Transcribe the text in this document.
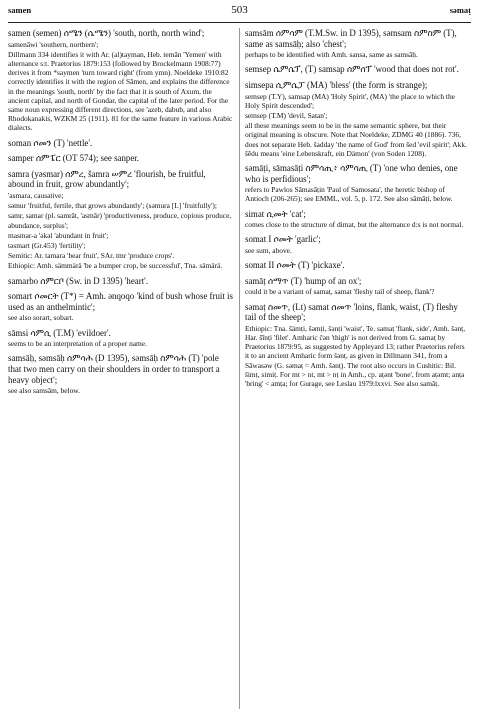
samen	503	səmaṭ
samen (semen) ሰሜን (ሴሜን) 'south, north, north wind';
samenāwi 'southern, northern';
Dillmann 334 identifies it with Ar. (al)tayman, Heb. temān 'Yemen' with alternance s:t. Praetorius 1879:153 (followed by Brockelmann 1908:77) derives it from *saymen 'turn toward right' (from ymn). Noeldeke 1910:82 correctly identifies it with the region of Sāmen, and explains the difference in the meanings 'south, north' by the fact that it is south of Axum, the ancient capital, and north of Gondar, the capital of the later period. For the same noun expressing different directions, see 'azeb, dabub, and also Rhodokanakis, WZKM 25 (1911). 81 for the same feature in various Arabic dialects.
soman ሶመን (T) 'nettle'.
samper ሰምፔር (OT 574); see sanper.
samra (yəsmar) ሰምረ, šamra ሠምረ 'flourish, be fruitful, abound in fruit, grow abundantly';
'asmara, causative;
səmur 'fruitful, fertile, that grows abundantly'; (səmura [L] 'fruitfully');
samr, samar (pl. samrāt, 'asmār) 'productiveness, produce, copious produce, abundance, surplus';
masmar-a 'əkəl 'abundant in fruit';
təsmart (Gr.453) 'fertility';
Semitic: Ar. tamara 'bear fruit', SAr. tmr 'produce crops'.
Ethiopic: Amh. sämmärä 'be a bumper crop, be successful', Tna. sämärä.
samarbo ሰምርቦ (Sw. in D 1395) 'heart'.
somart ሶመርት (T*) = Amh. ənqoqo 'kind of bush whose fruit is used as an anthelmintic';
see also sorart, sobart.
sāmsi ሳምሲ (T.M) 'evildoer'.
seems to be an interpretation of a proper name.
samsāḥ, səmsāḥ ሰምሳሕ (D 1395), səmsāḥ ስምሳሕ (T) 'pole that two men carry on their shoulders in order to transport a heavy object';
see also samsām, below.
samsām ሰምሳም (T.M.Sw. in D 1395), səmsam ስምስም (T), same as samsāḥ; also 'chest';
perhaps to be identified with Amh. sansa, same as samsāḥ.
semsep ሴምሴፕ, (T) samsap ሰምሰፕ 'wood that does not rot'.
simsepa ሲምሴፓ (MA) 'bless' (the form is strange);
semsep (T.Y), samsap (MA) 'Holy Spirit', (MA) 'the place to which the Holy Spirit descended';
semsep (T.M) 'devil, Satan';
all these meanings seem to be in the same semantic sphere, but their original meaning is obscure. Note that Noeldeke, ZDMG 40 (1886). 736, does not separate Heb. šadday 'the name of God' from šed 'evil spirit'; Akk. šēdu means 'eine Lebenskraft, ein Dämon' (von Soden 1208).
səmāṭi, sāmasāṭi ስምሳጢ፥ ሳምሳጢ (T) 'one who denies, one who is perfidious';
refers to Pawlos Sāmasāṭin 'Paul of Samosata', the heretic bishop of Antioch (206-265); see EMML, vol. 5, p. 172. See also sāmāṭi, below.
simat ሲመት 'cat';
comes close to the structure of dimat, but the alternance d:s is not normal.
somat I ሶመት 'garlic';
see sum, above.
somat II ሶመት (T) 'pickaxe'.
samāṭ ሰማጥ (T) 'hump of an ox';
could it be a variant of samaṭ, samat 'fleshy tail of sheep, flank'?
səmaṭ ስመጥ, (Lt) samat ሰመጥ 'loins, flank, waist, (T) fleshy tail of the sheep';
Ethiopic: Tna. šämṭi, šəmṭi, šənṭi 'waist', Te. samaṭ 'flank, side', Amh. šənṭ, Har. šīnṭi 'filet'. Amharic čən 'thigh' is not derived from G. samaṭ by Praetorius 1879:95, as suggested by Appleyard 13; rather Praetorius refers it to an ancient Amharic form šənṭ, as given in Dillmann 341, from a Sāwasəw (G. səmaṭ = Amh. šənṭ). The root also occurs in Cushitic: Bil. šimṭ, simiṭ. For mt > nt, mt > nṭ in Amh., cp. aṭənt 'bone', from aṭəmt; anṭa 'bring' < amṭa; for Gurage, see Leslau 1979:lxxvi. See also samāṭ.
